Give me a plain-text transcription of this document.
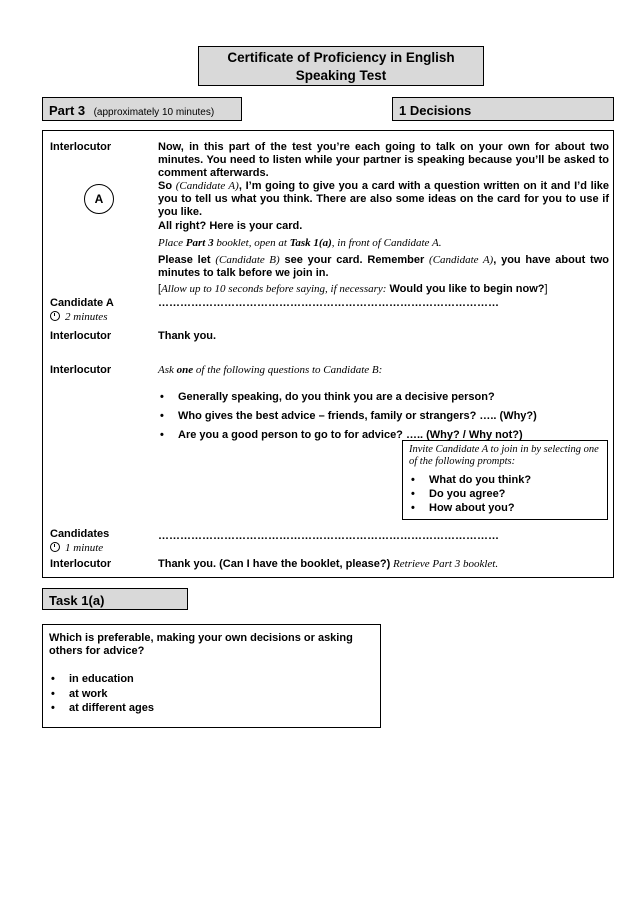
Certificate of Proficiency in English
Speaking Test
Part 3 (approximately 10 minutes)	1 Decisions
Interlocutor
A
Candidate A
2 minutes
Interlocutor
Interlocutor
Candidates
1 minute
Interlocutor
Now, in this part of the test you’re each going to talk on your own for about two minutes. You need to listen while your partner is speaking because you’ll be asked to comment afterwards.
So (Candidate A), I’m going to give you a card with a question written on it and I’d like you to tell us what you think. There are also some ideas on the card for you to use if you like.
All right? Here is your card.
Place Part 3 booklet, open at Task 1(a), in front of Candidate A.
Please let (Candidate B) see your card. Remember (Candidate A), you have about two minutes to talk before we join in.
[Allow up to 10 seconds before saying, if necessary: Would you like to begin now?]
…………………………………………………………………………………
Thank you.
Ask one of the following questions to Candidate B:
• Generally speaking, do you think you are a decisive person?
• Who gives the best advice – friends, family or strangers? ….. (Why?)
• Are you a good person to go to for advice? ….. (Why? / Why not?)
Invite Candidate A to join in by selecting one of the following prompts:
• What do you think?
• Do you agree?
• How about you?
…………………………………………………………………………………
Thank you. (Can I have the booklet, please?) Retrieve Part 3 booklet.
Task 1(a)
Which is preferable, making your own decisions or asking others for advice?
• in education
• at work
• at different ages
